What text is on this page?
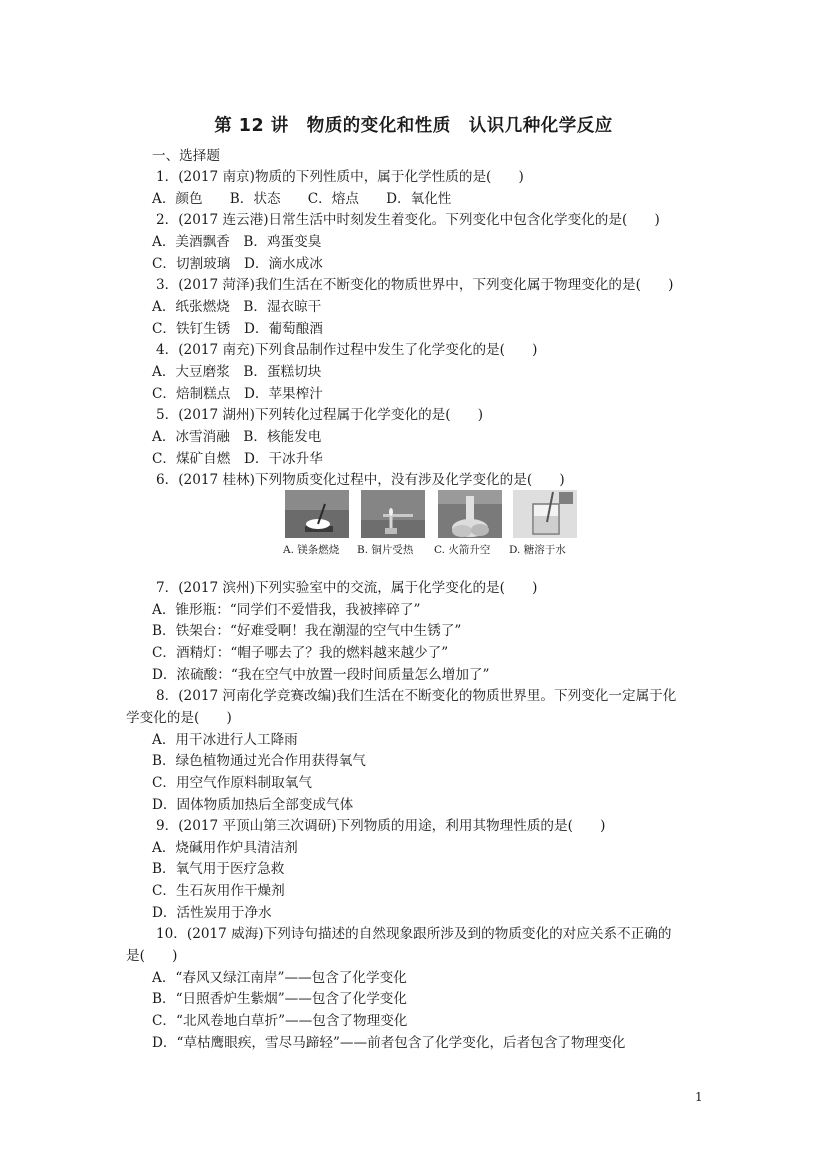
第 12 讲　物质的变化和性质　认识几种化学反应
一、选择题
1．(2017 南京)物质的下列性质中，属于化学性质的是(　　)
A．颜色　　B．状态　　C．熔点　　D．氧化性
2．(2017 连云港)日常生活中时刻发生着变化。下列变化中包含化学变化的是(　　)
A．美酒飘香　B．鸡蛋变臭
C．切割玻璃　D．滴水成冰
3．(2017 菏泽)我们生活在不断变化的物质世界中，下列变化属于物理变化的是(　　)
A．纸张燃烧　B．湿衣晾干
C．铁钉生锈　D．葡萄酿酒
4．(2017 南充)下列食品制作过程中发生了化学变化的是(　　)
A．大豆磨浆　B．蛋糕切块
C．焙制糕点　D．苹果榨汁
5．(2017 湖州)下列转化过程属于化学变化的是(　　)
A．冰雪消融　B．核能发电
C．煤矿自燃　D．干冰升华
6．(2017 桂林)下列物质变化过程中，没有涉及化学变化的是(　　)
A. 镁条燃烧 B. 铜片受热 C. 火箭升空 D. 糖溶于水
7．(2017 滨州)下列实验室中的交流，属于化学变化的是(　　)
A．锥形瓶：“同学们不爱惜我，我被摔碎了”
B．铁架台：“好难受啊！我在潮湿的空气中生锈了”
C．酒精灯：“帽子哪去了？我的燃料越来越少了”
D．浓硫酸：“我在空气中放置一段时间质量怎么增加了”
8．(2017 河南化学竞赛改编)我们生活在不断变化的物质世界里。下列变化一定属于化
学变化的是(　　)
A．用干冰进行人工降雨
B．绿色植物通过光合作用获得氧气
C．用空气作原料制取氧气
D．固体物质加热后全部变成气体
9．(2017 平顶山第三次调研)下列物质的用途，利用其物理性质的是(　　)
A．烧碱用作炉具清洁剂
B．氧气用于医疗急救
C．生石灰用作干燥剂
D．活性炭用于净水
10．(2017 威海)下列诗句描述的自然现象跟所涉及到的物质变化的对应关系不正确的
是(　　)
A．“春风又绿江南岸”——包含了化学变化
B．“日照香炉生紫烟”——包含了化学变化
C．“北风卷地白草折”——包含了物理变化
D．“草枯鹰眼疾，雪尽马蹄轻”——前者包含了化学变化，后者包含了物理变化
1
